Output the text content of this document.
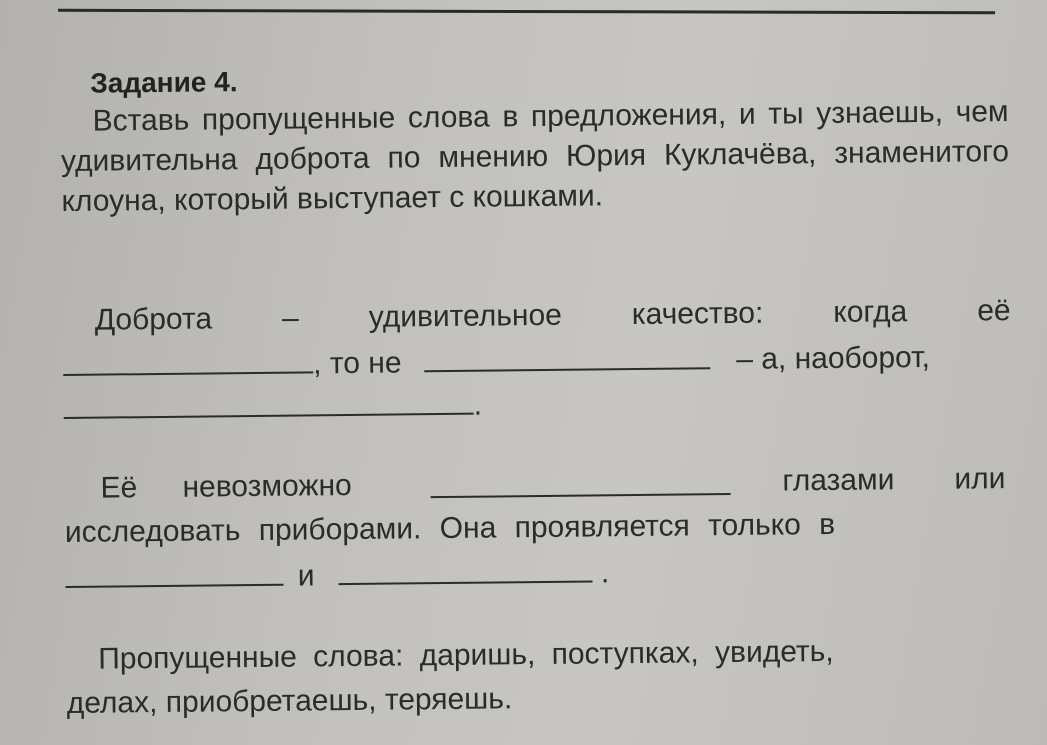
Задание 4.
Вставь пропущенные слова в предложения, и ты узнаешь, чем удивительна доброта по мнению Юрия Куклачёва, знаменитого клоуна, который выступает с кошками.
Доброта – удивительное качество: когда её
, то не	– а, наоборот,
.
Её невозможно	глазами или
исследовать приборами. Она проявляется только в
и	.
Пропущенные слова: даришь, поступках, увидеть,
делах, приобретаешь, теряешь.
